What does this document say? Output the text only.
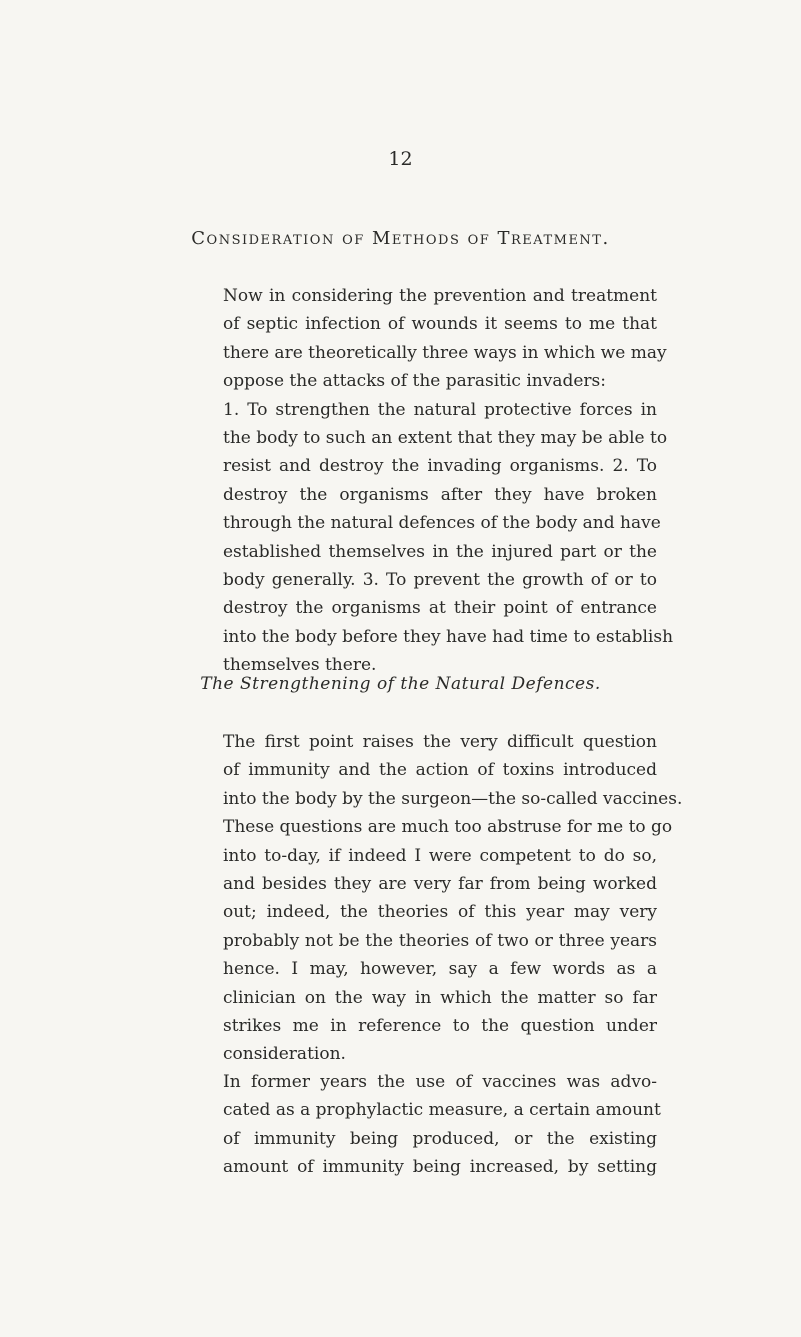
12
Consideration of Methods of Treatment.
Now in considering the prevention and treatment
of septic infection of wounds it seems to me that
there are theoretically three ways in which we may
oppose the attacks of the parasitic invaders:
1. To strengthen the natural protective forces in
the body to such an extent that they may be able to
resist and destroy the invading organisms. 2. To
destroy the organisms after they have broken
through the natural defences of the body and have
established themselves in the injured part or the
body generally. 3. To prevent the growth of or to
destroy the organisms at their point of entrance
into the body before they have had time to establish
themselves there.
The Strengthening of the Natural Defences.
The first point raises the very difficult question
of immunity and the action of toxins introduced
into the body by the surgeon—the so-called vaccines.
These questions are much too abstruse for me to go
into to-day, if indeed I were competent to do so,
and besides they are very far from being worked
out; indeed, the theories of this year may very
probably not be the theories of two or three years
hence. I may, however, say a few words as a
clinician on the way in which the matter so far
strikes me in reference to the question under
consideration.
In former years the use of vaccines was advo-
cated as a prophylactic measure, a certain amount
of immunity being produced, or the existing
amount of immunity being increased, by setting
